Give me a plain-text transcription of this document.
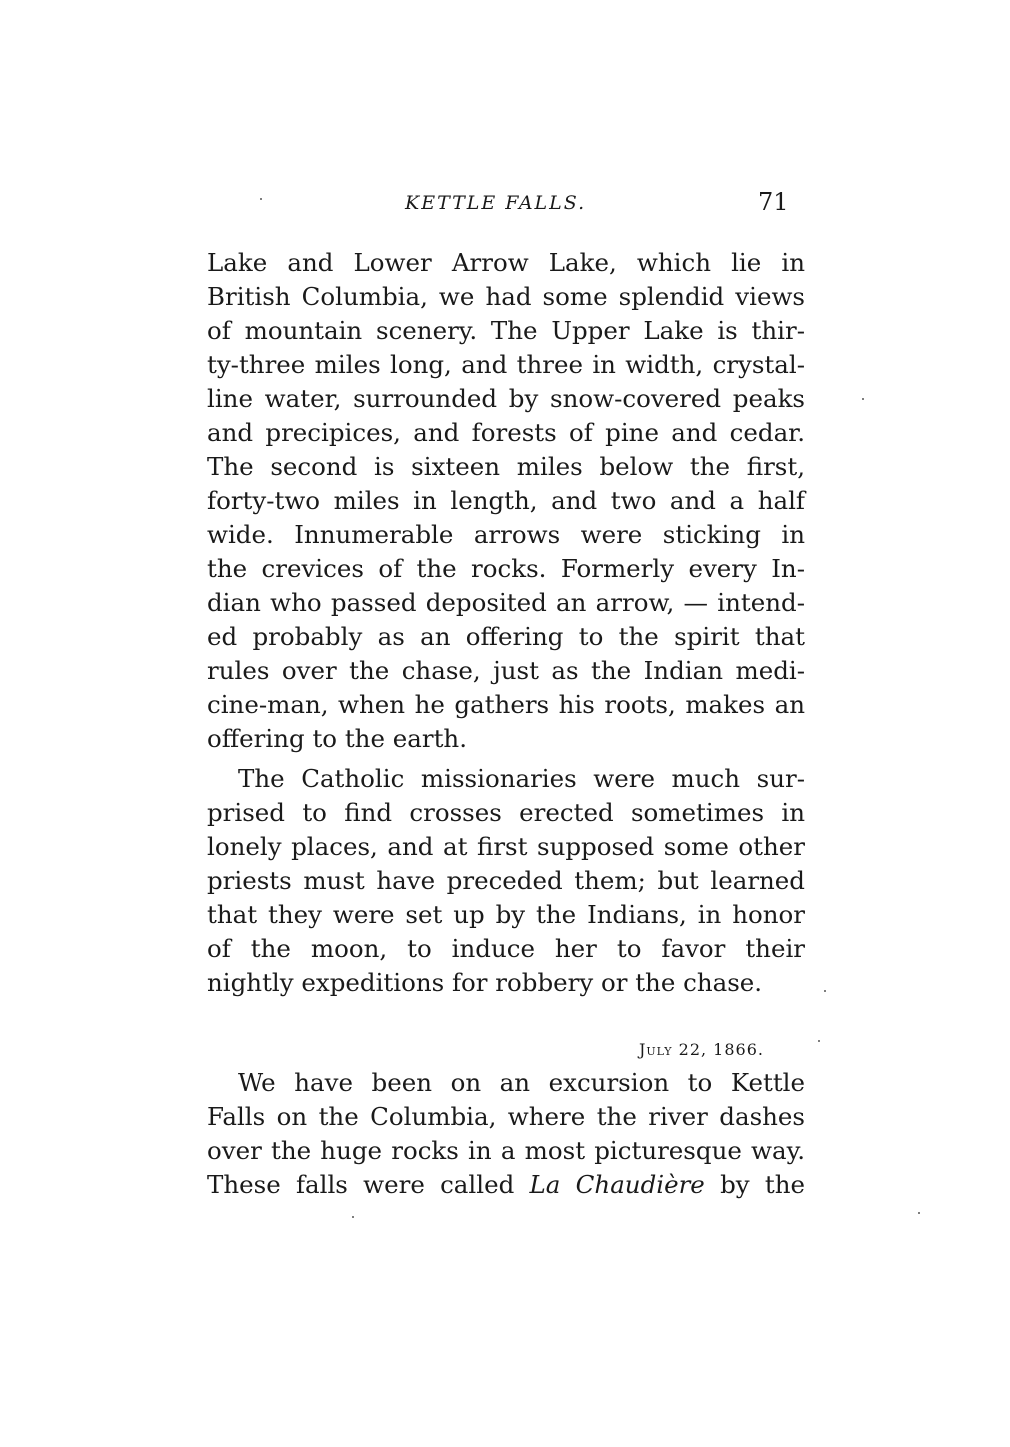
KETTLE FALLS.	71
Lake and Lower Arrow Lake, which lie in
British Columbia, we had some splendid views
of mountain scenery. The Upper Lake is thir-
ty-three miles long, and three in width, crystal-
line water, surrounded by snow-covered peaks
and precipices, and forests of pine and cedar.
The second is sixteen miles below the first,
forty-two miles in length, and two and a half
wide. Innumerable arrows were sticking in
the crevices of the rocks. Formerly every In-
dian who passed deposited an arrow, — intend-
ed probably as an offering to the spirit that
rules over the chase, just as the Indian medi-
cine-man, when he gathers his roots, makes an
offering to the earth.
The Catholic missionaries were much sur-
prised to find crosses erected sometimes in
lonely places, and at first supposed some other
priests must have preceded them; but learned
that they were set up by the Indians, in honor
of the moon, to induce her to favor their
nightly expeditions for robbery or the chase.
July 22, 1866.
We have been on an excursion to Kettle
Falls on the Columbia, where the river dashes
over the huge rocks in a most picturesque way.
These falls were called La Chaudière by the
